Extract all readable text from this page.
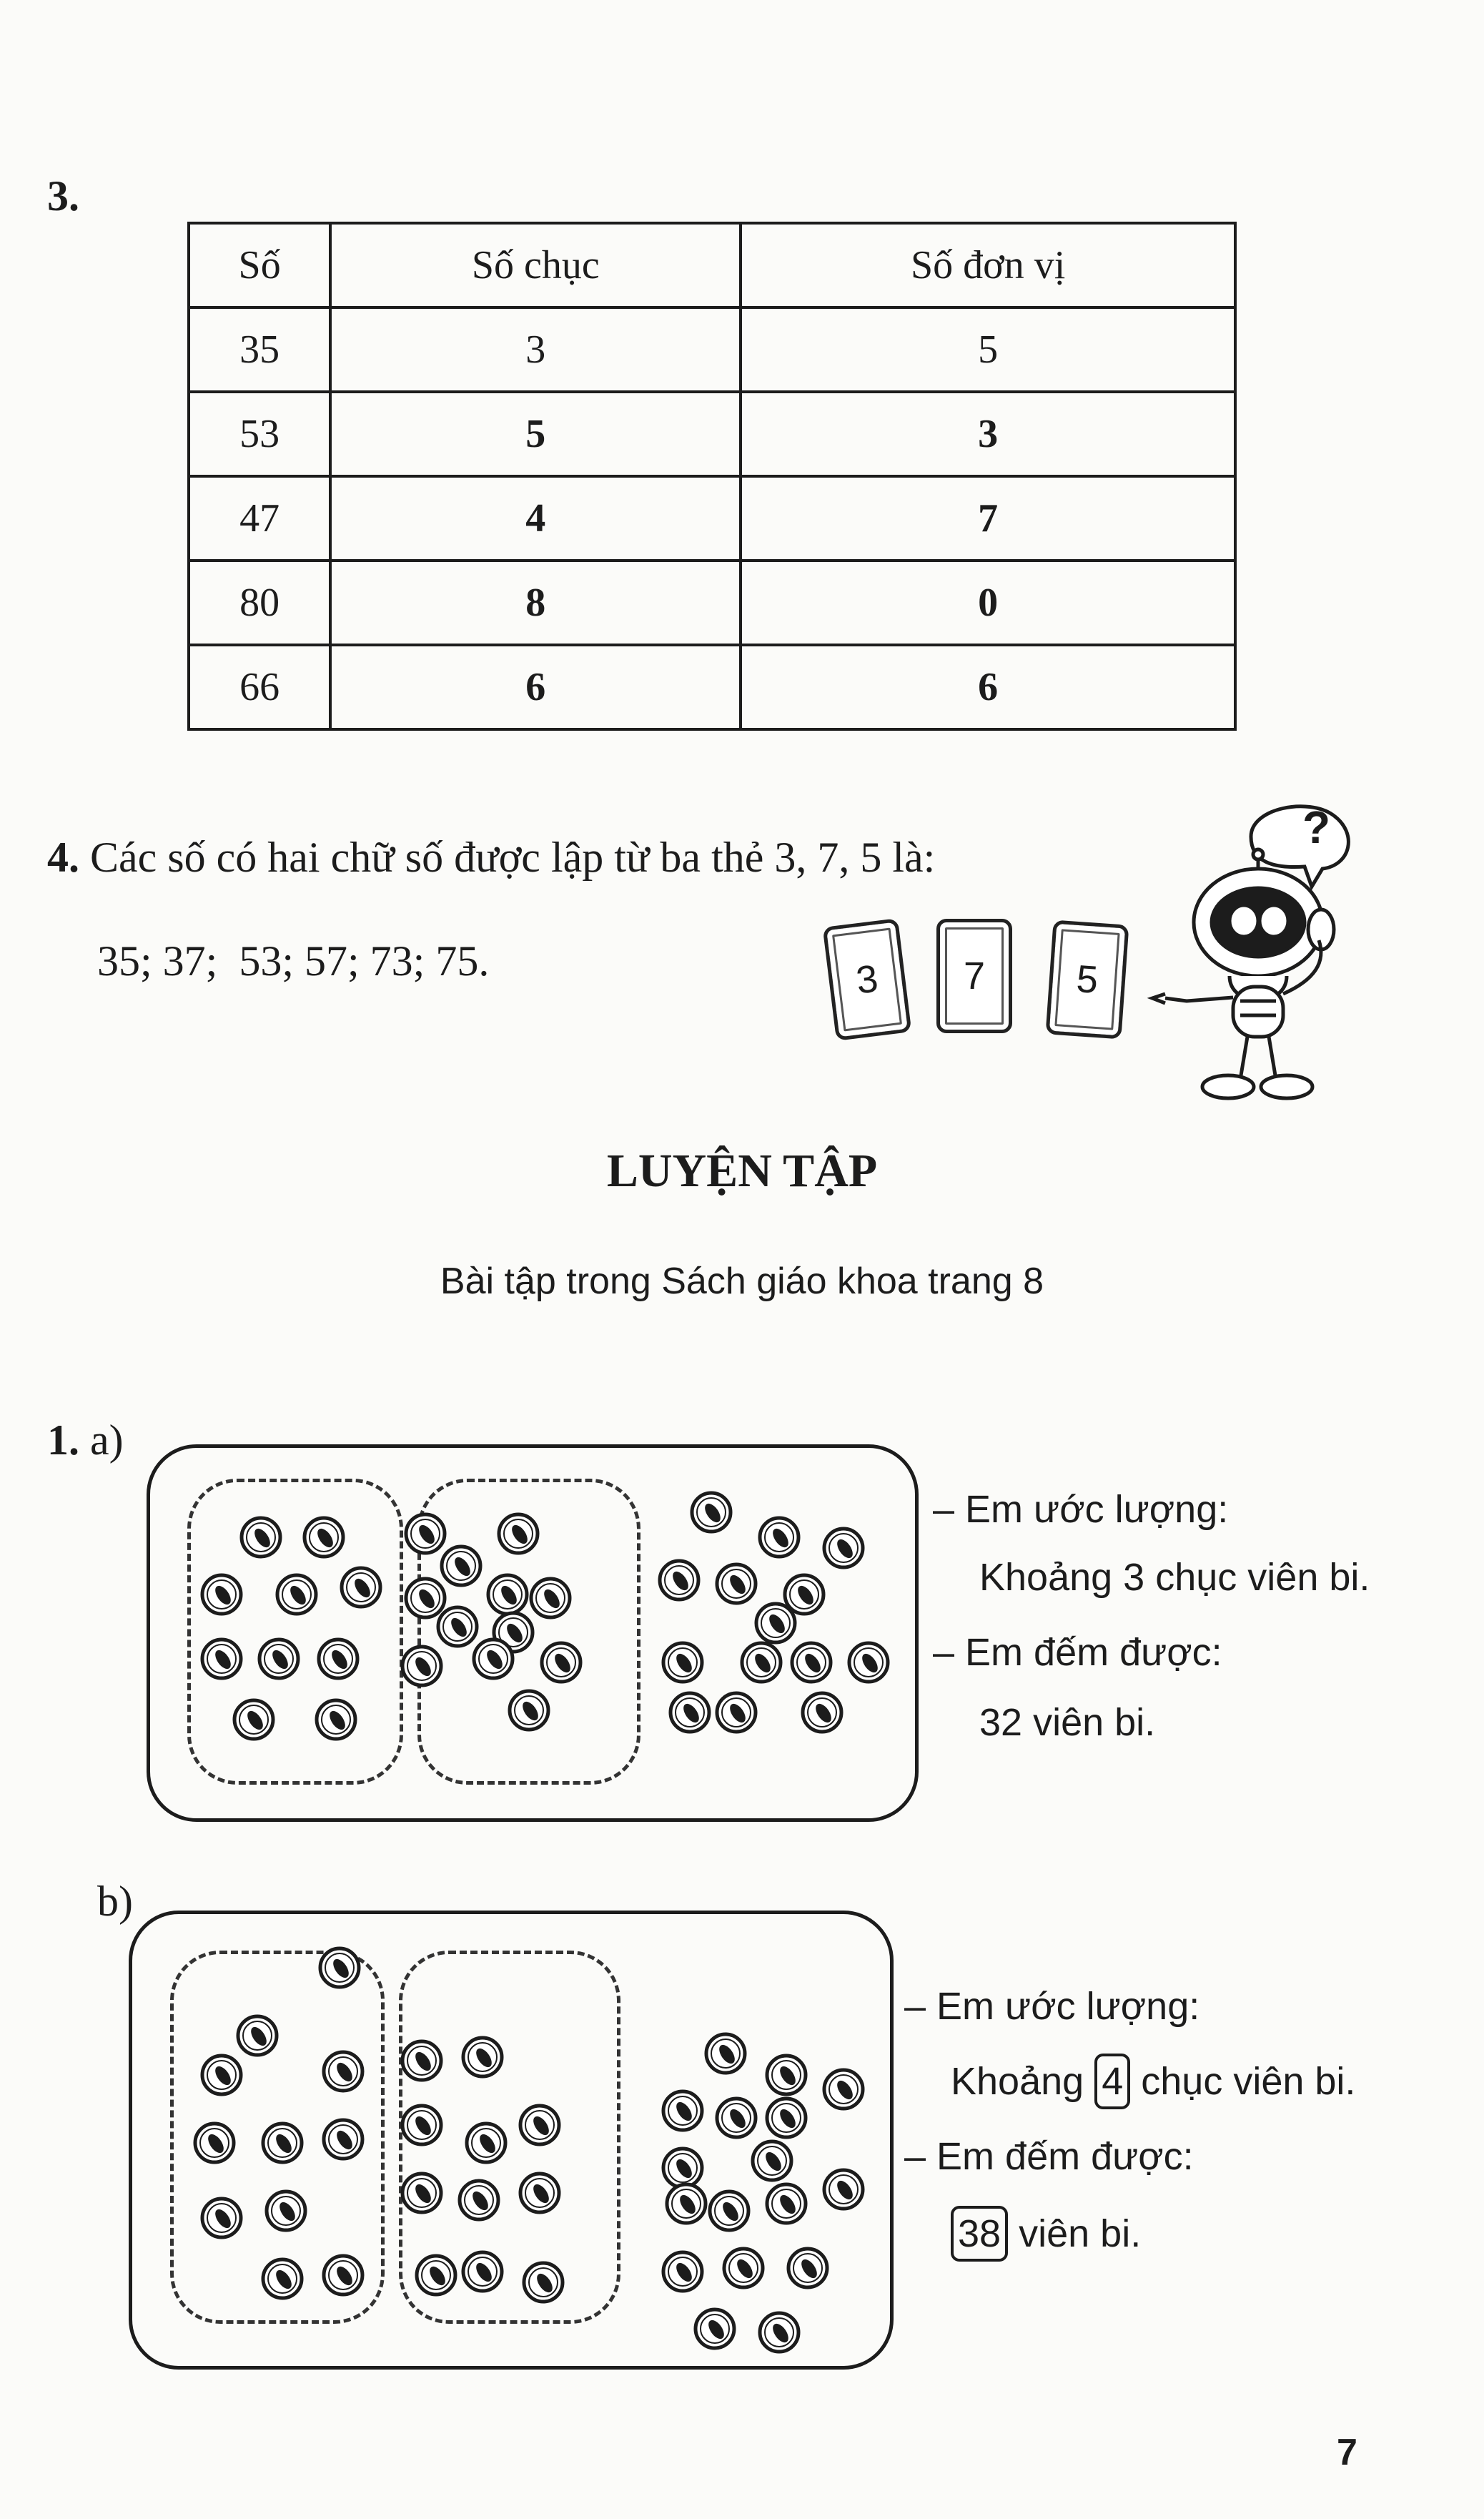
3.
Số	Số chục	Số đơn vị
35	3	5
53	5	3
47	4	7
80	8	0
66	6	6
4. Các số có hai chữ số được lập từ ba thẻ 3, 7, 5 là:
35; 37;  53; 57; 73; 75.	3	7	5
?
LUYỆN TẬP
Bài tập trong Sách giáo khoa trang 8
1. a)
– Em ước lượng:
Khoảng 3 chục viên bi.
– Em đếm được:
32 viên bi.
b)
– Em ước lượng:
Khoảng 4 chục viên bi.
– Em đếm được:
38 viên bi.
7
